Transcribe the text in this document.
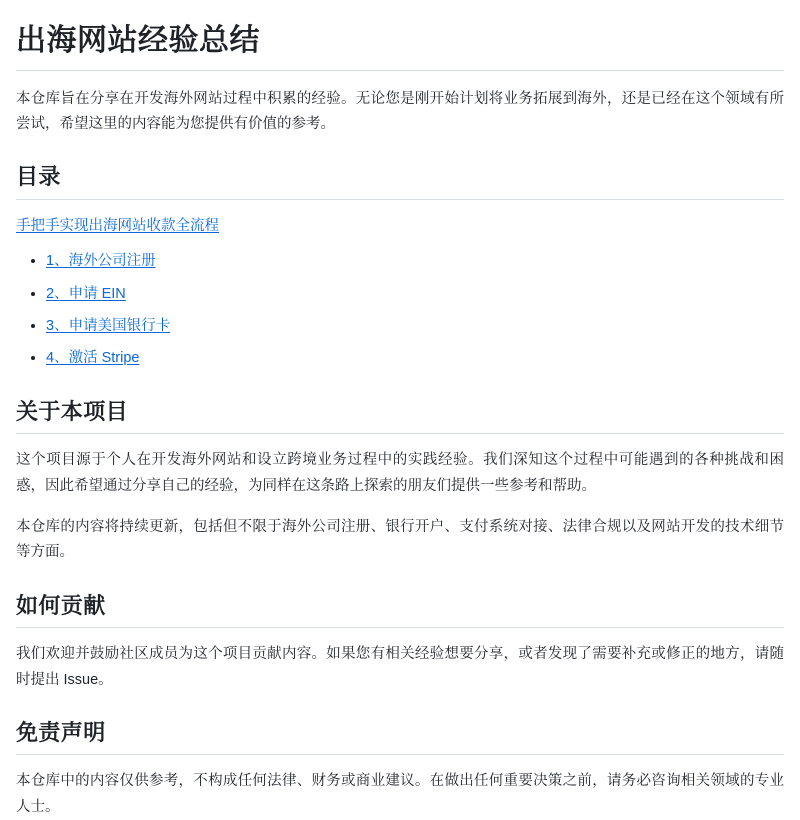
出海网站经验总结

本仓库旨在分享在开发海外网站过程中积累的经验。无论您是刚开始计划将业务拓展到海外，还是已经在这个领域有所尝试，希望这里的内容能为您提供有价值的参考。

目录
手把手实现出海网站收款全流程
• 1、海外公司注册
• 2、申请 EIN
• 3、申请美国银行卡
• 4、激活 Stripe
关于本项目

这个项目源于个人在开发海外网站和设立跨境业务过程中的实践经验。我们深知这个过程中可能遇到的各种挑战和困惑，因此希望通过分享自己的经验，为同样在这条路上探索的朋友们提供一些参考和帮助。

本仓库的内容将持续更新，包括但不限于海外公司注册、银行开户、支付系统对接、法律合规以及网站开发的技术细节等方面。

如何贡献

我们欢迎并鼓励社区成员为这个项目贡献内容。如果您有相关经验想要分享，或者发现了需要补充或修正的地方，请随时提出 Issue。

免责声明

本仓库中的内容仅供参考，不构成任何法律、财务或商业建议。在做出任何重要决策之前，请务必咨询相关领域的专业人士。
